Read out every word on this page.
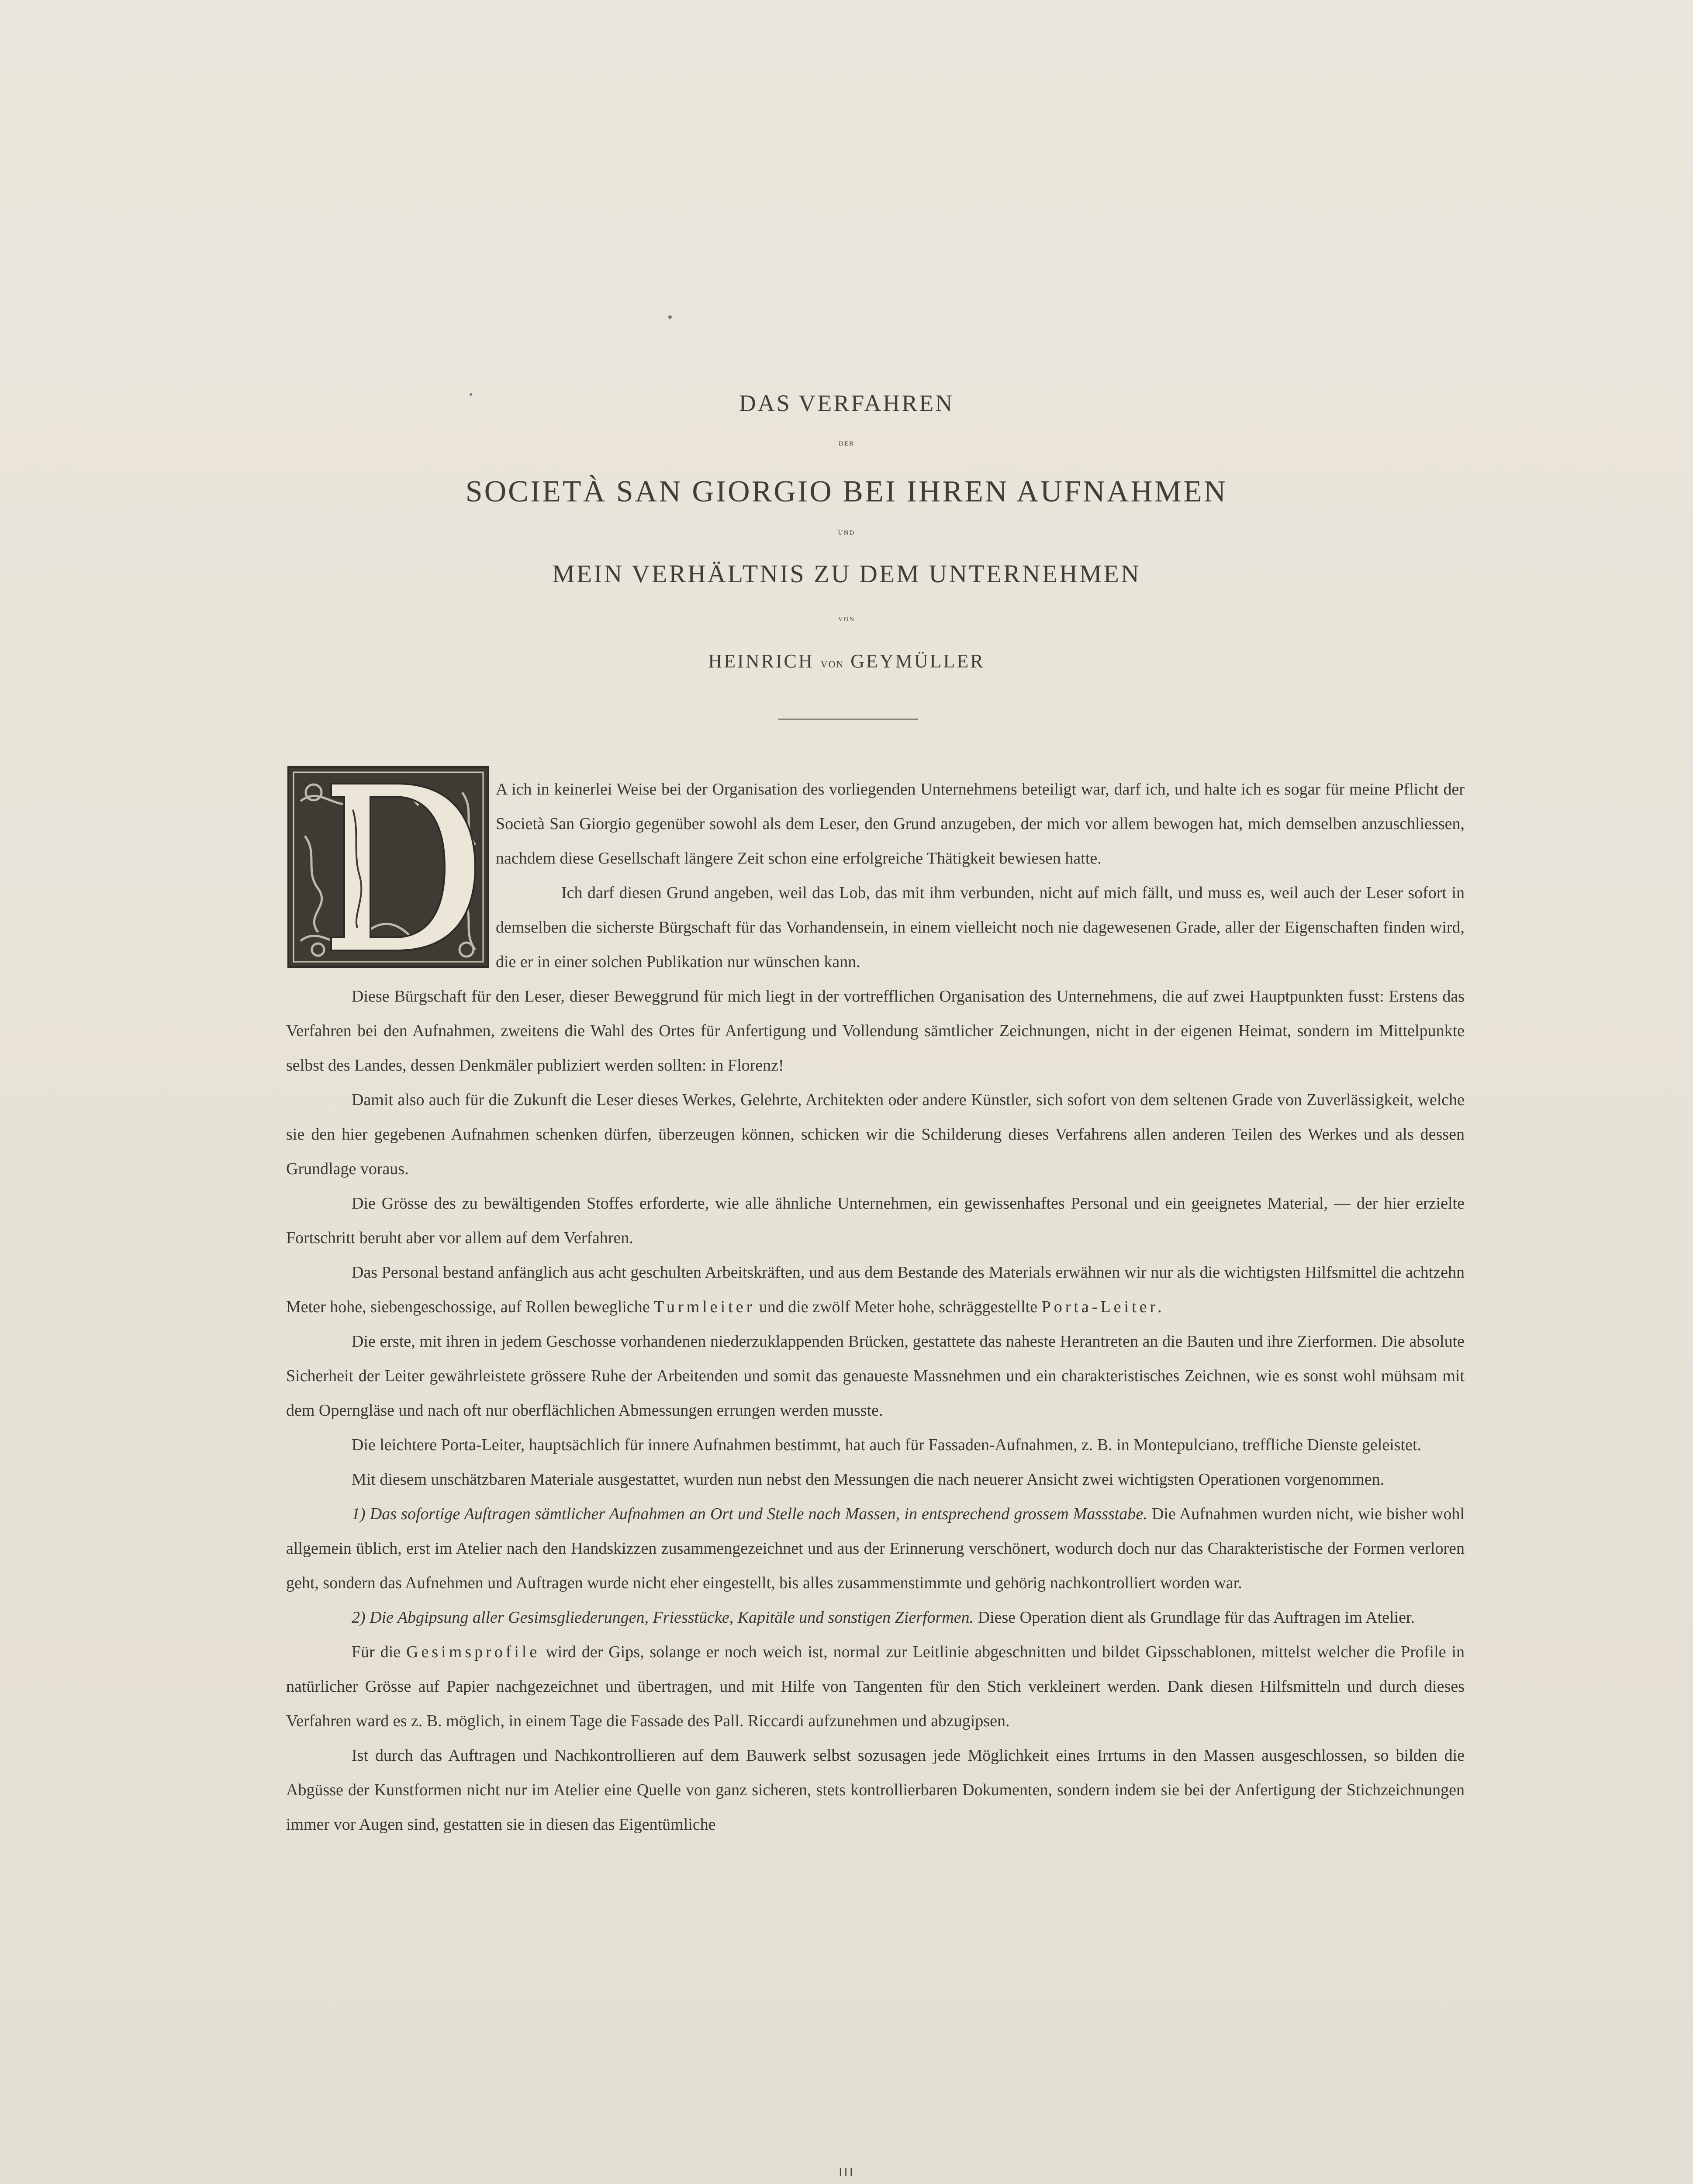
DAS VERFAHREN
DER
SOCIETÀ SAN GIORGIO BEI IHREN AUFNAHMEN
UND
MEIN VERHÄLTNIS ZU DEM UNTERNEHMEN
VON
HEINRICH VON GEYMÜLLER

A ich in keinerlei Weise bei der Organisation des vorliegenden Unternehmens beteiligt war, darf ich, und halte ich es sogar für meine Pflicht der Società San Giorgio gegenüber sowohl als dem Leser, den Grund anzugeben, der mich vor allem bewogen hat, mich demselben anzuschliessen, nachdem diese Gesellschaft längere Zeit schon eine erfolgreiche Thätigkeit bewiesen hatte.

Ich darf diesen Grund angeben, weil das Lob, das mit ihm verbunden, nicht auf mich fällt, und muss es, weil auch der Leser sofort in demselben die sicherste Bürgschaft für das Vorhandensein, in einem vielleicht noch nie dagewesenen Grade, aller der Eigenschaften finden wird, die er in einer solchen Publikation nur wünschen kann.

Diese Bürgschaft für den Leser, dieser Beweggrund für mich liegt in der vortrefflichen Organisation des Unternehmens, die auf zwei Hauptpunkten fusst: Erstens das Verfahren bei den Aufnahmen, zweitens die Wahl des Ortes für Anfertigung und Vollendung sämtlicher Zeichnungen, nicht in der eigenen Heimat, sondern im Mittelpunkte selbst des Landes, dessen Denkmäler publiziert werden sollten: in Florenz!

Damit also auch für die Zukunft die Leser dieses Werkes, Gelehrte, Architekten oder andere Künstler, sich sofort von dem seltenen Grade von Zuverlässigkeit, welche sie den hier gegebenen Aufnahmen schenken dürfen, überzeugen können, schicken wir die Schilderung dieses Verfahrens allen anderen Teilen des Werkes und als dessen Grundlage voraus.

Die Grösse des zu bewältigenden Stoffes erforderte, wie alle ähnliche Unternehmen, ein gewissenhaftes Personal und ein geeignetes Material, — der hier erzielte Fortschritt beruht aber vor allem auf dem Verfahren.

Das Personal bestand anfänglich aus acht geschulten Arbeitskräften, und aus dem Bestande des Materials erwähnen wir nur als die wichtigsten Hilfsmittel die achtzehn Meter hohe, siebengeschossige, auf Rollen bewegliche Turmleiter und die zwölf Meter hohe, schräggestellte Porta-Leiter.

Die erste, mit ihren in jedem Geschosse vorhandenen niederzuklappenden Brücken, gestattete das naheste Herantreten an die Bauten und ihre Zierformen. Die absolute Sicherheit der Leiter gewährleistete grössere Ruhe der Arbeitenden und somit das genaueste Massnehmen und ein charakteristisches Zeichnen, wie es sonst wohl mühsam mit dem Operngläse und nach oft nur oberflächlichen Abmessungen errungen werden musste.

Die leichtere Porta-Leiter, hauptsächlich für innere Aufnahmen bestimmt, hat auch für Fassaden-Aufnahmen, z. B. in Montepulciano, treffliche Dienste geleistet.

Mit diesem unschätzbaren Materiale ausgestattet, wurden nun nebst den Messungen die nach neuerer Ansicht zwei wichtigsten Operationen vorgenommen.

1) Das sofortige Auftragen sämtlicher Aufnahmen an Ort und Stelle nach Massen, in entsprechend grossem Massstabe. Die Aufnahmen wurden nicht, wie bisher wohl allgemein üblich, erst im Atelier nach den Handskizzen zusammengezeichnet und aus der Erinnerung verschönert, wodurch doch nur das Charakteristische der Formen verloren geht, sondern das Aufnehmen und Auftragen wurde nicht eher eingestellt, bis alles zusammenstimmte und gehörig nachkontrolliert worden war.

2) Die Abgipsung aller Gesimsgliederungen, Friesstücke, Kapitäle und sonstigen Zierformen. Diese Operation dient als Grundlage für das Auftragen im Atelier.

Für die Gesimsprofile wird der Gips, solange er noch weich ist, normal zur Leitlinie abgeschnitten und bildet Gipsschablonen, mittelst welcher die Profile in natürlicher Grösse auf Papier nachgezeichnet und übertragen, und mit Hilfe von Tangenten für den Stich verkleinert werden. Dank diesen Hilfsmitteln und durch dieses Verfahren ward es z. B. möglich, in einem Tage die Fassade des Pall. Riccardi aufzunehmen und abzugipsen.

Ist durch das Auftragen und Nachkontrollieren auf dem Bauwerk selbst sozusagen jede Möglichkeit eines Irrtums in den Massen ausgeschlossen, so bilden die Abgüsse der Kunstformen nicht nur im Atelier eine Quelle von ganz sicheren, stets kontrollierbaren Dokumenten, sondern indem sie bei der Anfertigung der Stichzeichnungen immer vor Augen sind, gestatten sie in diesen das Eigentümliche

III
